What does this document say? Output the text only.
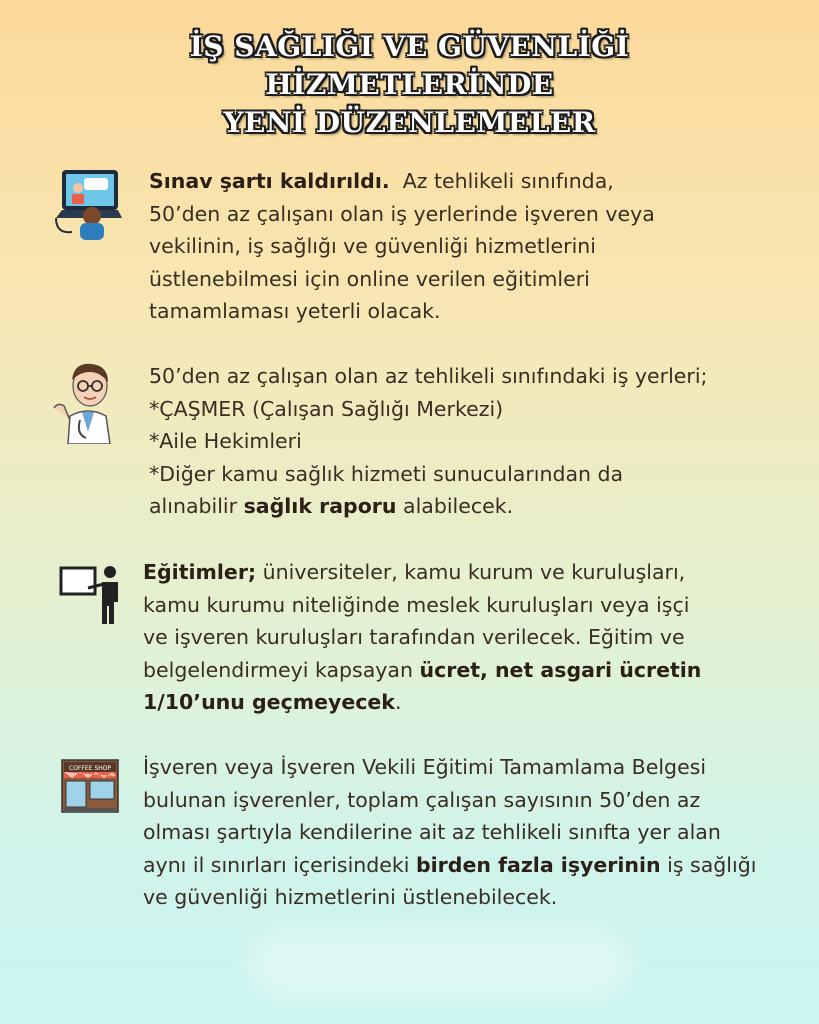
İŞ SAĞLIĞI VE GÜVENLİĞİ
HİZMETLERİNDE
YENİ DÜZENLEMELER
Sınav şartı kaldırıldı.  Az tehlikeli sınıfında,
50’den az çalışanı olan iş yerlerinde işveren veya
vekilinin, iş sağlığı ve güvenliği hizmetlerini
üstlenebilmesi için online verilen eğitimleri
tamamlaması yeterli olacak.
50’den az çalışan olan az tehlikeli sınıfındaki iş yerleri;
*ÇAŞMER (Çalışan Sağlığı Merkezi)
*Aile Hekimleri
*Diğer kamu sağlık hizmeti sunucularından da
alınabilir sağlık raporu alabilecek.
Eğitimler; üniversiteler, kamu kurum ve kuruluşları,
kamu kurumu niteliğinde meslek kuruluşları veya işçi
ve işveren kuruluşları tarafından verilecek. Eğitim ve
belgelendirmeyi kapsayan ücret, net asgari ücretin
1/10’unu geçmeyecek.
COFFEE SHOP İşveren veya İşveren Vekili Eğitimi Tamamlama Belgesi
bulunan işverenler, toplam çalışan sayısının 50’den az
olması şartıyla kendilerine ait az tehlikeli sınıfta yer alan
aynı il sınırları içerisindeki birden fazla işyerinin iş sağlığı
ve güvenliği hizmetlerini üstlenebilecek.
